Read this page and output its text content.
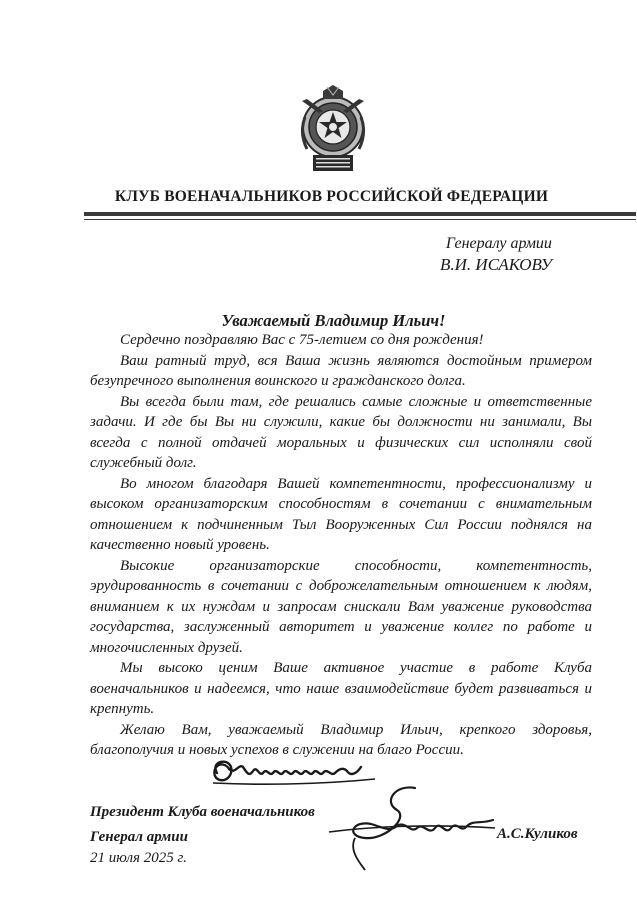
КЛУБ ВОЕНАЧАЛЬНИКОВ РОССИЙСКОЙ ФЕДЕРАЦИИ
Генералу армии
В.И. ИСАКОВУ
Уважаемый Владимир Ильич!

Сердечно поздравляю Вас с 75-летием со дня рождения!

Ваш ратный труд, вся Ваша жизнь являются достойным примером безупречного выполнения воинского и гражданского долга.

Вы всегда были там, где решались самые сложные и ответственные задачи. И где бы Вы ни служили, какие бы должности ни занимали, Вы всегда с полной отдачей моральных и физических сил исполняли свой служебный долг.

Во многом благодаря Вашей компетентности, профессионализму и высоком организаторским способностям в сочетании с внимательным отношением к подчиненным Тыл Вооруженных Сил России поднялся на качественно новый уровень.

Высокие организаторские способности, компетентность, эрудированность в сочетании с доброжелательным отношением к людям, вниманием к их нуждам и запросам снискали Вам уважение руководства государства, заслуженный авторитет и уважение коллег по работе и многочисленных друзей.

Мы высоко ценим Ваше активное участие в работе Клуба военачальников и надеемся, что наше взаимодействие будет развиваться и крепнуть.

Желаю Вам, уважаемый Владимир Ильич, крепкого здоровья, благополучия и новых успехов в служении на благо России.

Президент Клуба военачальников
Генерал армии
21 июля 2025 г.
А.С.Куликов
